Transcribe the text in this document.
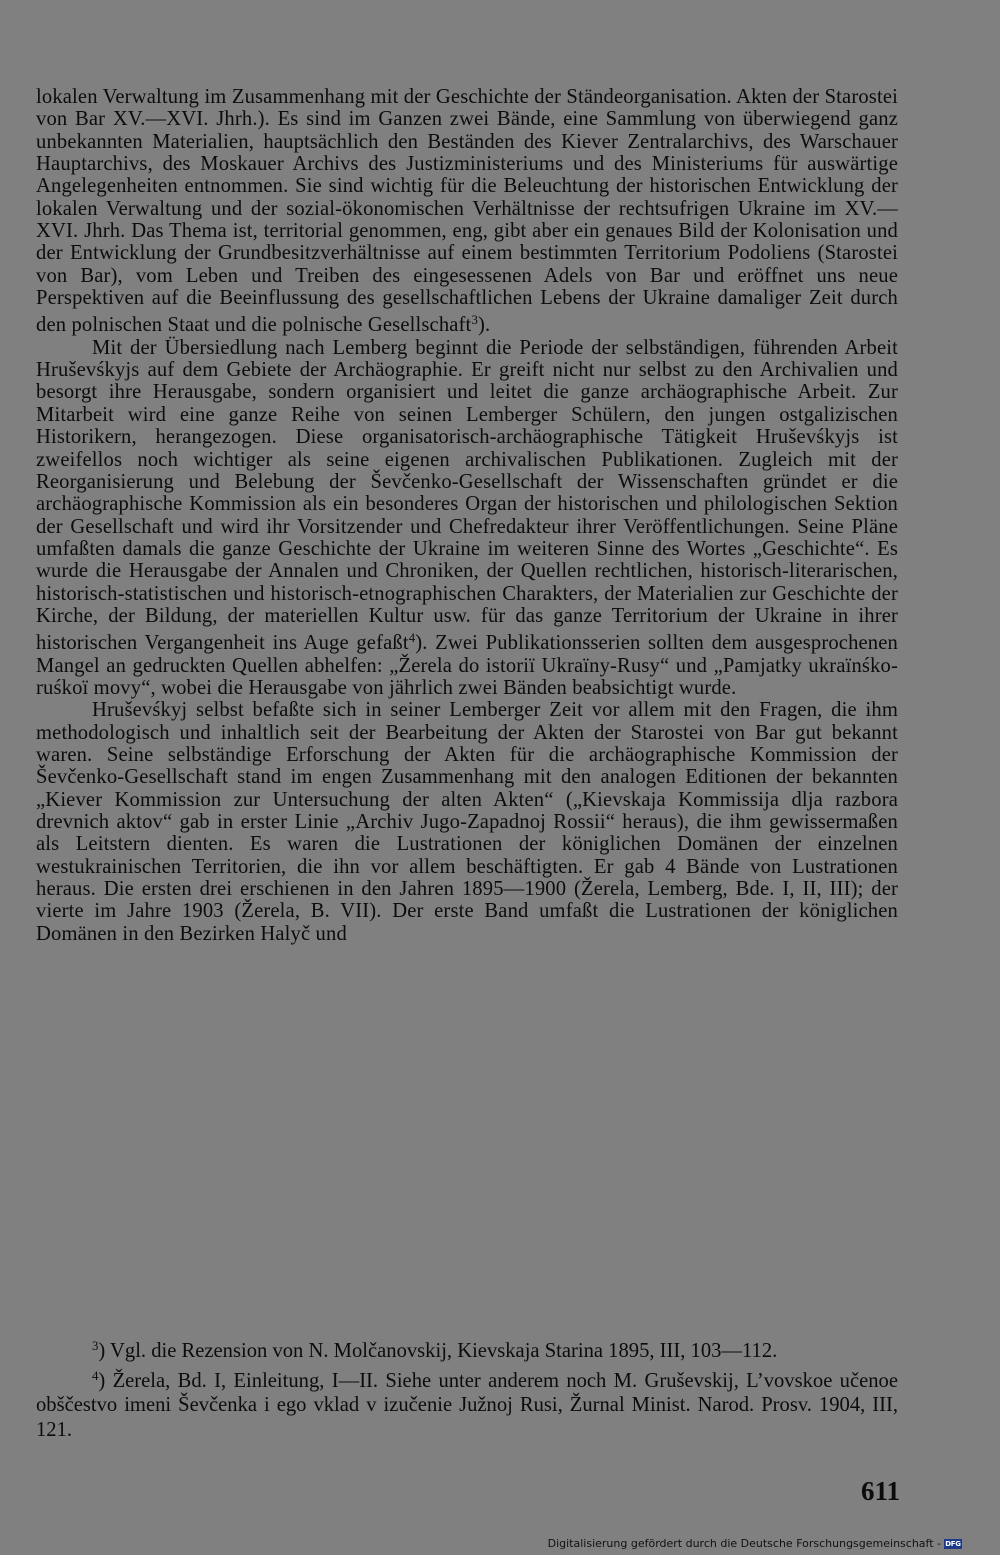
lokalen Verwaltung im Zusammenhang mit der Geschichte der Ständeorganisation. Akten der Starostei von Bar XV.—XVI. Jhrh.). Es sind im Ganzen zwei Bände, eine Sammlung von überwiegend ganz unbekannten Materialien, hauptsächlich den Beständen des Kiever Zentralarchivs, des Warschauer Hauptarchivs, des Moskauer Archivs des Justizministeriums und des Ministeriums für auswärtige Angelegenheiten entnommen. Sie sind wichtig für die Beleuchtung der historischen Entwicklung der lokalen Verwaltung und der sozial-ökonomischen Verhältnisse der rechtsufrigen Ukraine im XV.—XVI. Jhrh. Das Thema ist, territorial genommen, eng, gibt aber ein genaues Bild der Kolonisation und der Entwicklung der Grundbesitzverhältnisse auf einem bestimmten Territorium Podoliens (Starostei von Bar), vom Leben und Treiben des eingesessenen Adels von Bar und eröffnet uns neue Perspektiven auf die Beeinflussung des gesellschaftlichen Lebens der Ukraine damaliger Zeit durch den polnischen Staat und die polnische Gesellschaft$^3$).

Mit der Übersiedlung nach Lemberg beginnt die Periode der selbständigen, führenden Arbeit Hruševśkyjs auf dem Gebiete der Archäographie. Er greift nicht nur selbst zu den Archivalien und besorgt ihre Herausgabe, sondern organisiert und leitet die ganze archäographische Arbeit. Zur Mitarbeit wird eine ganze Reihe von seinen Lemberger Schülern, den jungen ostgalizischen Historikern, herangezogen. Diese organisatorisch-archäographische Tätigkeit Hruševśkyjs ist zweifellos noch wichtiger als seine eigenen archivalischen Publikationen. Zugleich mit der Reorganisierung und Belebung der Ševčenko-Gesellschaft der Wissenschaften gründet er die archäographische Kommission als ein besonderes Organ der historischen und philologischen Sektion der Gesellschaft und wird ihr Vorsitzender und Chefredakteur ihrer Veröffentlichungen. Seine Pläne umfaßten damals die ganze Geschichte der Ukraine im weiteren Sinne des Wortes „Geschichte“. Es wurde die Herausgabe der Annalen und Chroniken, der Quellen rechtlichen, historisch-literarischen, historisch-statistischen und historisch-etnographischen Charakters, der Materialien zur Geschichte der Kirche, der Bildung, der materiellen Kultur usw. für das ganze Territorium der Ukraine in ihrer historischen Vergangenheit ins Auge gefaßt$^4$). Zwei Publikationsserien sollten dem ausgesprochenen Mangel an gedruckten Quellen abhelfen: „Žerela do istoriï Ukraïny-Rusy“ und „Pamjatky ukraïnśko-ruśkoï movy“, wobei die Herausgabe von jährlich zwei Bänden beabsichtigt wurde.

Hruševśkyj selbst befaßte sich in seiner Lemberger Zeit vor allem mit den Fragen, die ihm methodologisch und inhaltlich seit der Bearbeitung der Akten der Starostei von Bar gut bekannt waren. Seine selbständige Erforschung der Akten für die archäographische Kommission der Ševčenko-Gesellschaft stand im engen Zusammenhang mit den analogen Editionen der bekannten „Kiever Kommission zur Untersuchung der alten Akten“ („Kievskaja Kommissija dlja razbora drevnich aktov“ gab in erster Linie „Archiv Jugo-Zapadnoj Rossii“ heraus), die ihm gewissermaßen als Leitstern dienten. Es waren die Lustrationen der königlichen Domänen der einzelnen westukrainischen Territorien, die ihn vor allem beschäftigten. Er gab 4 Bände von Lustrationen heraus. Die ersten drei erschienen in den Jahren 1895—1900 (Žerela, Lemberg, Bde. I, II, III); der vierte im Jahre 1903 (Žerela, B. VII). Der erste Band umfaßt die Lustrationen der königlichen Domänen in den Bezirken Halyč und

$^3$) Vgl. die Rezension von N. Molčanovskij, Kievskaja Starina 1895, III, 103—112.

$^4$) Žerela, Bd. I, Einleitung, I—II. Siehe unter anderem noch M. Gruševskij, L’vovskoe učenoe obščestvo imeni Ševčenka i ego vklad v izučenie Južnoj Rusi, Žurnal Minist. Narod. Prosv. 1904, III, 121.

611
Digitalisierung gefördert durch die Deutsche Forschungsgemeinschaft - DFG
